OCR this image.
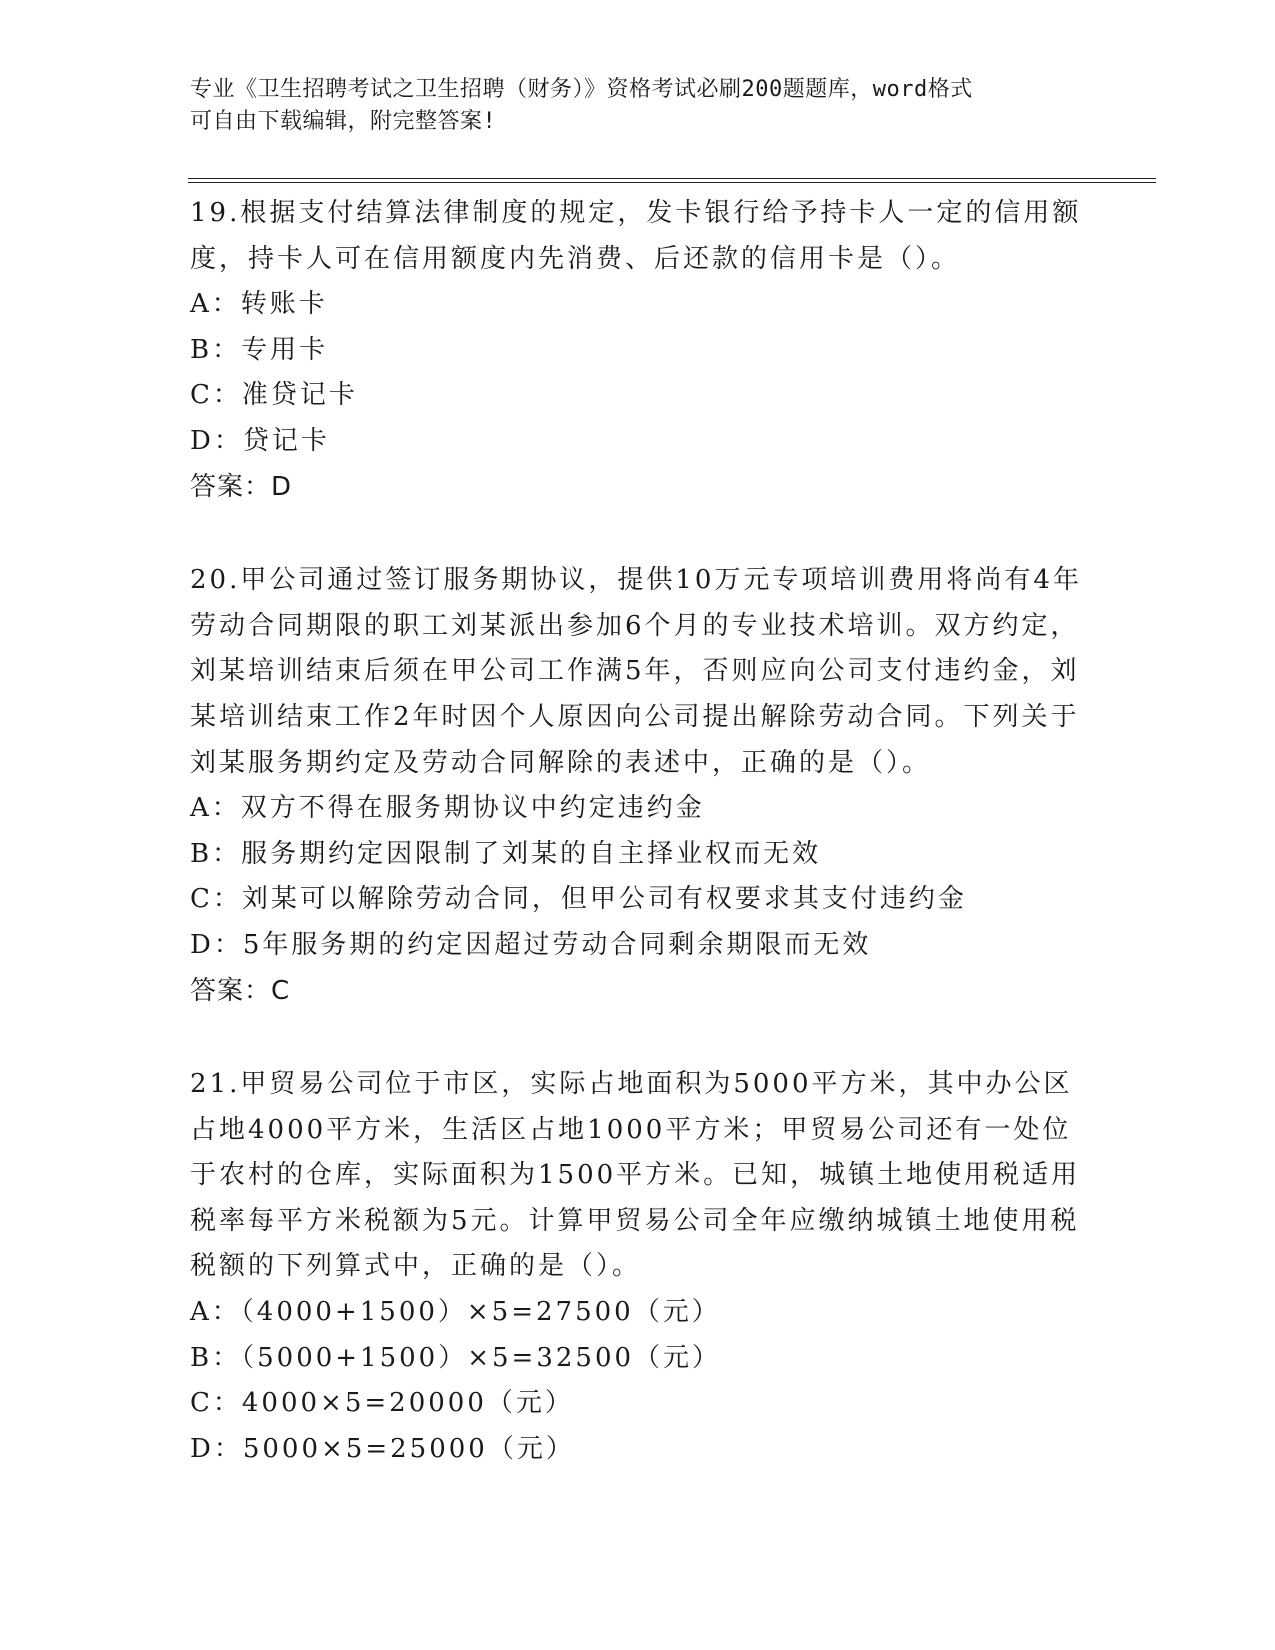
专业《卫生招聘考试之卫生招聘（财务）》资格考试必刷200题题库，word格式
可自由下载编辑，附完整答案!

19.根据支付结算法律制度的规定，发卡银行给予持卡人一定的信用额度，持卡人可在信用额度内先消费、后还款的信用卡是（）。

A：转账卡

B：专用卡

C：准贷记卡

D：贷记卡

答案：D

20.甲公司通过签订服务期协议，提供10万元专项培训费用将尚有4年劳动合同期限的职工刘某派出参加6个月的专业技术培训。双方约定，刘某培训结束后须在甲公司工作满5年，否则应向公司支付违约金，刘某培训结束工作2年时因个人原因向公司提出解除劳动合同。下列关于刘某服务期约定及劳动合同解除的表述中，正确的是（）。

A：双方不得在服务期协议中约定违约金

B：服务期约定因限制了刘某的自主择业权而无效

C：刘某可以解除劳动合同，但甲公司有权要求其支付违约金

D：5年服务期的约定因超过劳动合同剩余期限而无效

答案：C

21.甲贸易公司位于市区，实际占地面积为5000平方米，其中办公区占地4000平方米，生活区占地1000平方米；甲贸易公司还有一处位于农村的仓库，实际面积为1500平方米。已知，城镇土地使用税适用税率每平方米税额为5元。计算甲贸易公司全年应缴纳城镇土地使用税税额的下列算式中，正确的是（）。

A：（4000+1500）×5=27500（元）

B：（5000+1500）×5=32500（元）

C：4000×5=20000（元）

D：5000×5=25000（元）
